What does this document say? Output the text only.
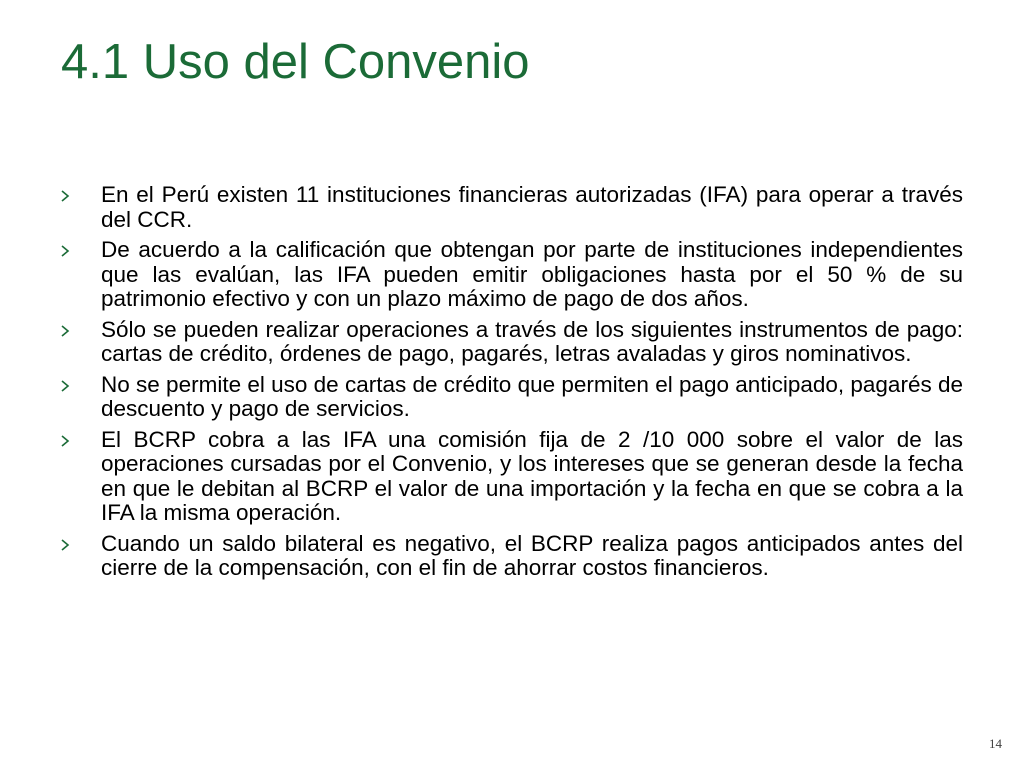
4.1 Uso del Convenio
En el Perú existen 11 instituciones financieras autorizadas (IFA) para operar a través del CCR.
De acuerdo a la calificación que obtengan por parte de instituciones independientes que las evalúan, las IFA pueden emitir obligaciones hasta por el 50 % de su patrimonio efectivo y con un plazo máximo de pago de dos años.
Sólo se pueden realizar operaciones a través de los siguientes instrumentos de pago: cartas de crédito, órdenes de pago, pagarés, letras avaladas y giros nominativos.
No se permite el uso de cartas de crédito que permiten el pago anticipado, pagarés de descuento y pago de servicios.
El BCRP cobra a las IFA una comisión fija de 2 /10 000 sobre el valor de las operaciones cursadas por el Convenio, y los intereses que se generan desde la fecha en que le debitan al BCRP el valor de una importación y la fecha en que se cobra a la IFA la misma operación.
Cuando un saldo bilateral es negativo, el BCRP realiza pagos anticipados antes del cierre de la compensación, con el fin de ahorrar costos financieros.
14
